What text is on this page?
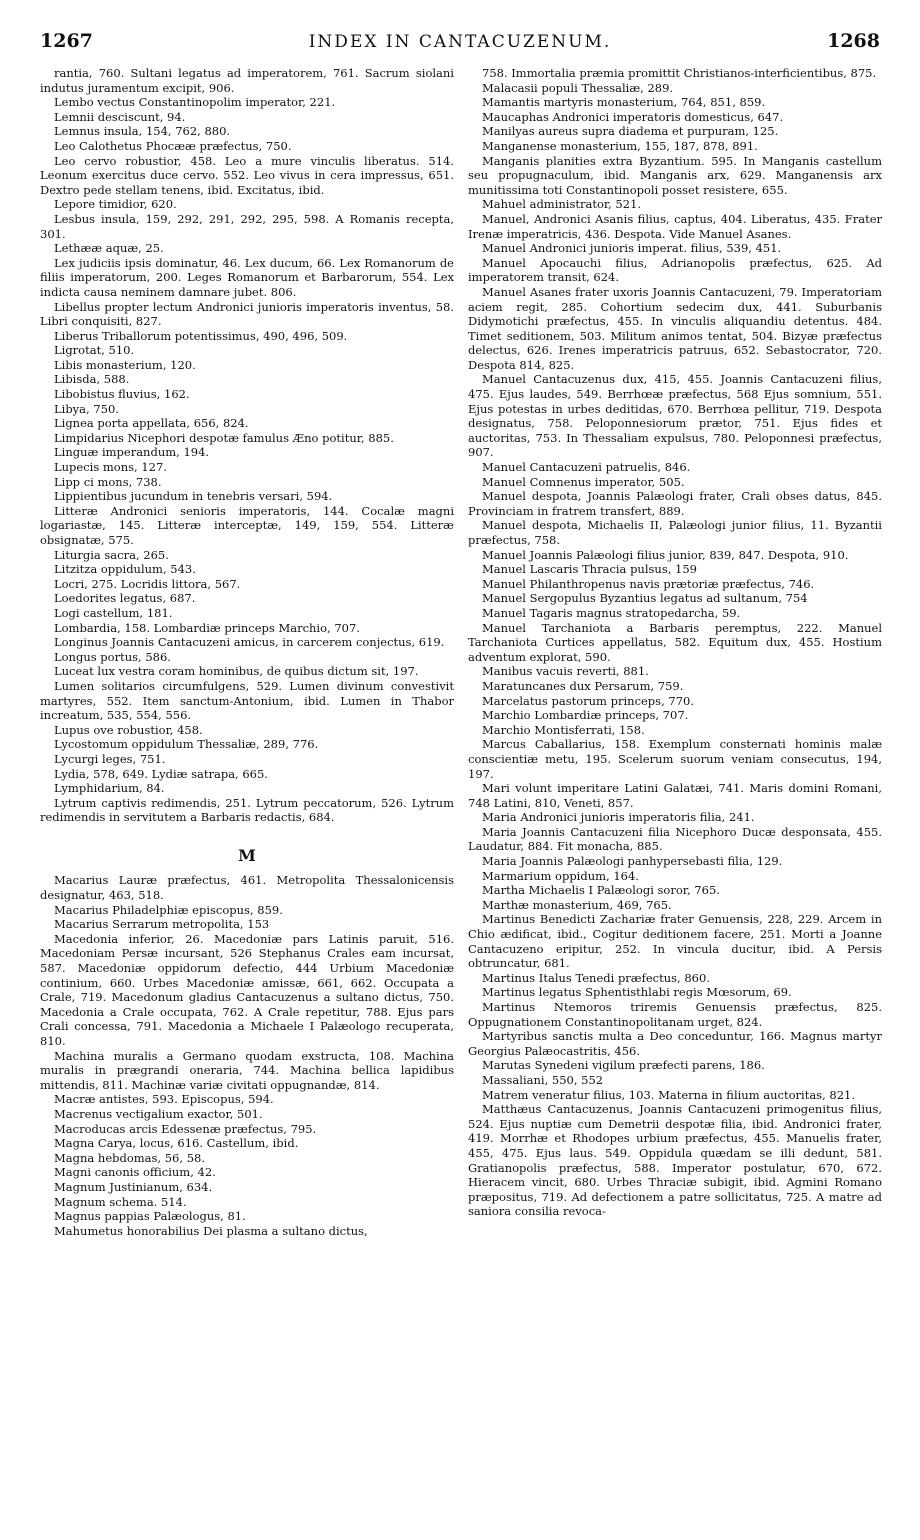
1267	INDEX IN CANTACUZENUM.	1268

rantia, 760. Sultani legatus ad imperatorem, 761. Sacrum siolani indutus juramentum excipit, 906.

Lembo vectus Constantinopolim imperator, 221.

Lemnii desciscunt, 94.

Lemnus insula, 154, 762, 880.

Leo Calothetus Phocææ præfectus, 750.

Leo cervo robustior, 458. Leo a mure vinculis liberatus. 514. Leonum exercitus duce cervo. 552. Leo vivus in cera impressus, 651. Dextro pede stellam tenens, ibid. Excitatus, ibid.

Lepore timidior, 620.

Lesbus insula, 159, 292, 291, 292, 295, 598. A Romanis recepta, 301.

Lethææ aquæ, 25.

Lex judiciis ipsis dominatur, 46. Lex ducum, 66. Lex Romanorum de filiis imperatorum, 200. Leges Romanorum et Barbarorum, 554. Lex indicta causa neminem damnare jubet. 806.

Libellus propter lectum Andronici junioris imperatoris inventus, 58. Libri conquisiti, 827.

Liberus Triballorum potentissimus, 490, 496, 509.

Ligrotat, 510.

Libis monasterium, 120.

Libisda, 588.

Libobistus fluvius, 162.

Libya, 750.

Lignea porta appellata, 656, 824.

Limpidarius Nicephori despotæ famulus Æno potitur, 885.

Linguæ imperandum, 194.

Lupecis mons, 127.

Lipp ci mons, 738.

Lippientibus jucundum in tenebris versari, 594.

Litteræ Andronici senioris imperatoris, 144. Cocalæ magni logariastæ, 145. Litteræ interceptæ, 149, 159, 554. Litteræ obsignatæ, 575.

Liturgia sacra, 265.

Litzitza oppidulum, 543.

Locri, 275. Locridis littora, 567.

Loedorites legatus, 687.

Logi castellum, 181.

Lombardia, 158. Lombardiæ princeps Marchio, 707.

Longinus Joannis Cantacuzeni amicus, in carcerem conjectus, 619.

Longus portus, 586.

Luceat lux vestra coram hominibus, de quibus dictum sit, 197.

Lumen solitarios circumfulgens, 529. Lumen divinum convestivit martyres, 552. Item sanctum-Antonium, ibid. Lumen in Thabor increatum, 535, 554, 556.

Lupus ove robustior, 458.

Lycostomum oppidulum Thessaliæ, 289, 776.

Lycurgi leges, 751.

Lydia, 578, 649. Lydiæ satrapa, 665.

Lymphidarium, 84.

Lytrum captivis redimendis, 251. Lytrum peccatorum, 526. Lytrum redimendis in servitutem a Barbaris redactis, 684.

M

Macarius Lauræ præfectus, 461. Metropolita Thessalonicensis designatur, 463, 518.

Macarius Philadelphiæ episcopus, 859.

Macarius Serrarum metropolita, 153

Macedonia inferior, 26. Macedoniæ pars Latinis paruit, 516. Macedoniam Persæ incursant, 526 Stephanus Crales eam incursat, 587. Macedoniæ oppidorum defectio, 444 Urbium Macedoniæ continium, 660. Urbes Macedoniæ amissæ, 661, 662. Occupata a Crale, 719. Macedonum gladius Cantacuzenus a sultano dictus, 750. Macedonia a Crale occupata, 762. A Crale repetitur, 788. Ejus pars Crali concessa, 791. Macedonia a Michaele I Palæologo recuperata, 810.

Machina muralis a Germano quodam exstructa, 108. Machina muralis in prægrandi oneraria, 744. Machina bellica lapidibus mittendis, 811. Machinæ variæ civitati oppugnandæ, 814.

Macræ antistes, 593. Episcopus, 594.

Macrenus vectigalium exactor, 501.

Macroducas arcis Edessenæ præfectus, 795.

Magna Carya, locus, 616. Castellum, ibid.

Magna hebdomas, 56, 58.

Magni canonis officium, 42.

Magnum Justinianum, 634.

Magnum schema. 514.

Magnus pappias Palæologus, 81.

Mahumetus honorabilius Dei plasma a sultano dictus,

758. Immortalia præmia promittit Christianos-interficientibus, 875.

Malacasii populi Thessaliæ, 289.

Mamantis martyris monasterium, 764, 851, 859.

Maucaphas Andronici imperatoris domesticus, 647.

Manilyas aureus supra diadema et purpuram, 125.

Manganense monasterium, 155, 187, 878, 891.

Manganis planities extra Byzantium. 595. In Manganis castellum seu propugnaculum, ibid. Manganis arx, 629. Manganensis arx munitissima toti Constantinopoli posset resistere, 655.

Mahuel administrator, 521.

Manuel, Andronici Asanis filius, captus, 404. Liberatus, 435. Frater Irenæ imperatricis, 436. Despota. Vide Manuel Asanes.

Manuel Andronici junioris imperat. filius, 539, 451.

Manuel Apocauchi filius, Adrianopolis præfectus, 625. Ad imperatorem transit, 624.

Manuel Asanes frater uxoris Joannis Cantacuzeni, 79. Imperatoriam aciem regit, 285. Cohortium sedecim dux, 441. Suburbanis Didymotichi præfectus, 455. In vinculis aliquandiu detentus. 484. Timet seditionem, 503. Militum animos tentat, 504. Bizyæ præfectus delectus, 626. Irenes imperatricis patruus, 652. Sebastocrator, 720. Despota 814, 825.

Manuel Cantacuzenus dux, 415, 455. Joannis Cantacuzeni filius, 475. Ejus laudes, 549. Berrhœæ præfectus, 568 Ejus somnium, 551. Ejus potestas in urbes deditidas, 670. Berrhœa pellitur, 719. Despota designatus, 758. Peloponnesiorum prætor, 751. Ejus fides et auctoritas, 753. In Thessaliam expulsus, 780. Peloponnesi præfectus, 907.

Manuel Cantacuzeni patruelis, 846.

Manuel Comnenus imperator, 505.

Manuel despota, Joannis Palæologi frater, Crali obses datus, 845. Provinciam in fratrem transfert, 889.

Manuel despota, Michaelis II, Palæologi junior filius, 11. Byzantii præfectus, 758.

Manuel Joannis Palæologi filius junior, 839, 847. Despota, 910.

Manuel Lascaris Thracia pulsus, 159

Manuel Philanthropenus navis prætoriæ præfectus, 746.

Manuel Sergopulus Byzantius legatus ad sultanum, 754

Manuel Tagaris magnus stratopedarcha, 59.

Manuel Tarchaniota a Barbaris peremptus, 222. Manuel Tarchaniota Curtices appellatus, 582. Equitum dux, 455. Hostium adventum explorat, 590.

Manibus vacuis reverti, 881.

Maratuncanes dux Persarum, 759.

Marcelatus pastorum princeps, 770.

Marchio Lombardiæ princeps, 707.

Marchio Montisferrati, 158.

Marcus Caballarius, 158. Exemplum consternati hominis malæ conscientiæ metu, 195. Scelerum suorum veniam consecutus, 194, 197.

Mari volunt imperitare Latini Galatæi, 741. Maris domini Romani, 748 Latini, 810, Veneti, 857.

Maria Andronici junioris imperatoris filia, 241.

Maria Joannis Cantacuzeni filia Nicephoro Ducæ desponsata, 455. Laudatur, 884. Fit monacha, 885.

Maria Joannis Palæologi panhypersebasti filia, 129.

Marmarium oppidum, 164.

Martha Michaelis I Palæologi soror, 765.

Marthæ monasterium, 469, 765.

Martinus Benedicti Zachariæ frater Genuensis, 228, 229. Arcem in Chio ædificat, ibid., Cogitur deditionem facere, 251. Morti a Joanne Cantacuzeno eripitur, 252. In vincula ducitur, ibid. A Persis obtruncatur, 681.

Martinus Italus Tenedi præfectus, 860.

Martinus legatus Sphentisthlabi regis Mœsorum, 69.

Martinus Ntemoros triremis Genuensis præfectus, 825. Oppugnationem Constantinopolitanam urget, 824.

Martyribus sanctis multa a Deo conceduntur, 166. Magnus martyr Georgius Palæocastritis, 456.

Marutas Synedeni vigilum præfecti parens, 186.

Massaliani, 550, 552

Matrem veneratur filius, 103. Materna in filium auctoritas, 821.

Matthæus Cantacuzenus, Joannis Cantacuzeni primogenitus filius, 524. Ejus nuptiæ cum Demetrii despotæ filia, ibid. Andronici frater, 419. Morrhæ et Rhodopes urbium præfectus, 455. Manuelis frater, 455, 475. Ejus laus. 549. Oppidula quædam se illi dedunt, 581. Gratianopolis præfectus, 588. Imperator postulatur, 670, 672. Hieracem vincit, 680. Urbes Thraciæ subigit, ibid. Agmini Romano præpositus, 719. Ad defectionem a patre sollicitatus, 725. A matre ad saniora consilia revoca-
